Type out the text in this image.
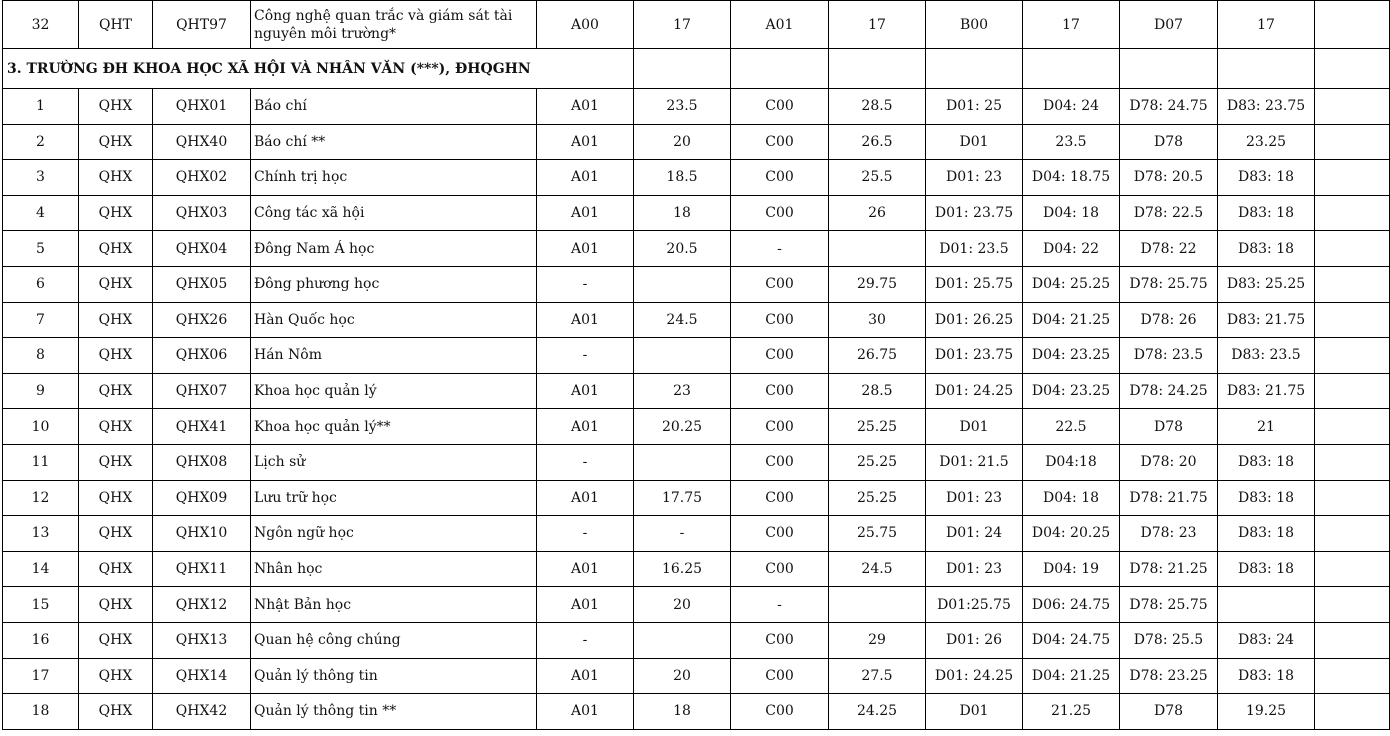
32	QHT	QHT97	Công nghệ quan trắc và giám sát tài nguyên môi trường*	A00	17	A01	17	B00	17	D07	17	
3. TRƯỜNG ĐH KHOA HỌC XÃ HỘI VÀ NHÂN VĂN (***), ĐHQGHN												
1	QHX	QHX01	Báo chí	A01	23.5	C00	28.5	D01: 25	D04: 24	D78: 24.75	D83: 23.75	
2	QHX	QHX40	Báo chí **	A01	20	C00	26.5	D01	23.5	D78	23.25	
3	QHX	QHX02	Chính trị học	A01	18.5	C00	25.5	D01: 23	D04: 18.75	D78: 20.5	D83: 18	
4	QHX	QHX03	Công tác xã hội	A01	18	C00	26	D01: 23.75	D04: 18	D78: 22.5	D83: 18	
5	QHX	QHX04	Đông Nam Á học	A01	20.5	-		D01: 23.5	D04: 22	D78: 22	D83: 18	
6	QHX	QHX05	Đông phương học	-		C00	29.75	D01: 25.75	D04: 25.25	D78: 25.75	D83: 25.25	
7	QHX	QHX26	Hàn Quốc học	A01	24.5	C00	30	D01: 26.25	D04: 21.25	D78: 26	D83: 21.75	
8	QHX	QHX06	Hán Nôm	-		C00	26.75	D01: 23.75	D04: 23.25	D78: 23.5	D83: 23.5	
9	QHX	QHX07	Khoa học quản lý	A01	23	C00	28.5	D01: 24.25	D04: 23.25	D78: 24.25	D83: 21.75	
10	QHX	QHX41	Khoa học quản lý**	A01	20.25	C00	25.25	D01	22.5	D78	21	
11	QHX	QHX08	Lịch sử	-		C00	25.25	D01: 21.5	D04:18	D78: 20	D83: 18	
12	QHX	QHX09	Lưu trữ học	A01	17.75	C00	25.25	D01: 23	D04: 18	D78: 21.75	D83: 18	
13	QHX	QHX10	Ngôn ngữ học	-	-	C00	25.75	D01: 24	D04: 20.25	D78: 23	D83: 18	
14	QHX	QHX11	Nhân học	A01	16.25	C00	24.5	D01: 23	D04: 19	D78: 21.25	D83: 18	
15	QHX	QHX12	Nhật Bản học	A01	20	-		D01:25.75	D06: 24.75	D78: 25.75		
16	QHX	QHX13	Quan hệ công chúng	-		C00	29	D01: 26	D04: 24.75	D78: 25.5	D83: 24	
17	QHX	QHX14	Quản lý thông tin	A01	20	C00	27.5	D01: 24.25	D04: 21.25	D78: 23.25	D83: 18	
18	QHX	QHX42	Quản lý thông tin **	A01	18	C00	24.25	D01	21.25	D78	19.25	
